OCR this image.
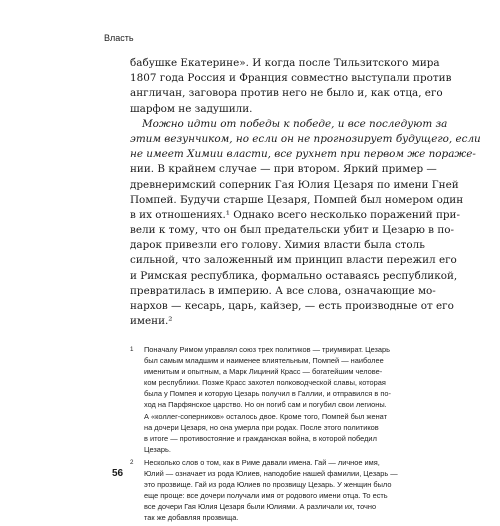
Власть
бабушке Екатерине». И когда после Тильзитского мира
1807 года Россия и Франция совместно выступали против
англичан, заговора против него не было и, как отца, его
шарфом не задушили.
Можно идти от победы к победе, и все последуют за
этим везунчиком, но если он не прогнозирует будущего, если
не имеет Химии власти, все рухнет при первом же пораже-
нии. В крайнем случае — при втором. Яркий пример —
древнеримский соперник Гая Юлия Цезаря по имени Гней
Помпей. Будучи старше Цезаря, Помпей был номером один
в их отношениях.¹ Однако всего несколько поражений при-
вели к тому, что он был предательски убит и Цезарю в по-
дарок привезли его голову. Химия власти была столь
сильной, что заложенный им принцип власти пережил его
и Римская республика, формально оставаясь республикой,
превратилась в империю. А все слова, означающие мо-
нархов — кесарь, царь, кайзер, — есть производные от его
имени.²
1 Поначалу Римом управлял союз трех политиков — триумвират. Цезарь
был самым младшим и наименее влиятельным, Помпей — наиболее
именитым и опытным, а Марк Лициний Красс — богатейшим челове-
ком республики. Позже Красс захотел полководческой славы, которая
была у Помпея и которую Цезарь получил в Галлии, и отправился в по-
ход на Парфянское царство. Но он погиб сам и погубил свои легионы.
А «коллег-соперников» осталось двое. Кроме того, Помпей был женат
на дочери Цезаря, но она умерла при родах. После этого политиков
в итоге — противостояние и гражданская война, в которой победил
Цезарь.
2 Несколько слов о том, как в Риме давали имена. Гай — личное имя,
Юлий — означает из рода Юлиев, наподобие нашей фамилии, Цезарь —
это прозвище. Гай из рода Юлиев по прозвищу Цезарь. У женщин было
еще проще: все дочери получали имя от родового имени отца. То есть
все дочери Гая Юлия Цезаря были Юлиями. А различали их, точно
так же добавляя прозвища.
56
